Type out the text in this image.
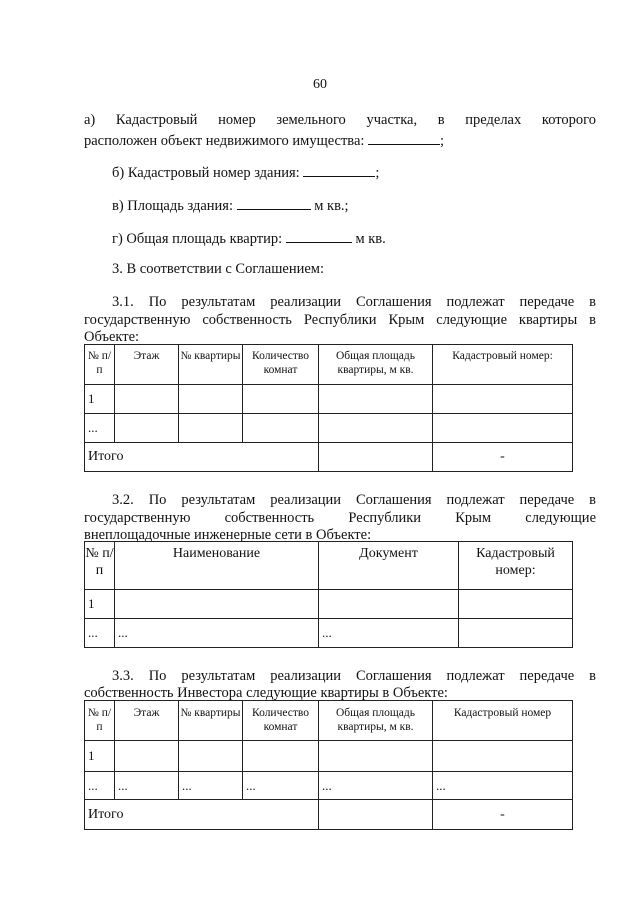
60
а) Кадастровый номер земельного участка, в пределах которого
расположен объект недвижимого имущества:	;
б) Кадастровый номер здания:	;
в) Площадь здания:	м кв.;
г) Общая площадь квартир:	м кв.
3. В соответствии с Соглашением:
3.1. По результатам реализации Соглашения подлежат передаче в
государственную собственность Республики Крым следующие квартиры в
Объекте:
№ п/п	Этаж	№ квартиры	Количество комнат	Общая площадь квартиры, м кв.	Кадастровый номер:
1					
...					
Итого					-
3.2. По результатам реализации Соглашения подлежат передаче в
государственную собственность Республики Крым следующие
внеплощадочные инженерные сети в Объекте:
№ п/п	Наименование	Документ	Кадастровый номер:
1			
...	...	...	
3.3. По результатам реализации Соглашения подлежат передаче в
собственность Инвестора следующие квартиры в Объекте:
№ п/п	Этаж	№ квартиры	Количество комнат	Общая площадь квартиры, м кв.	Кадастровый номер
1					
...	...	...	...	...	...
Итого					-
